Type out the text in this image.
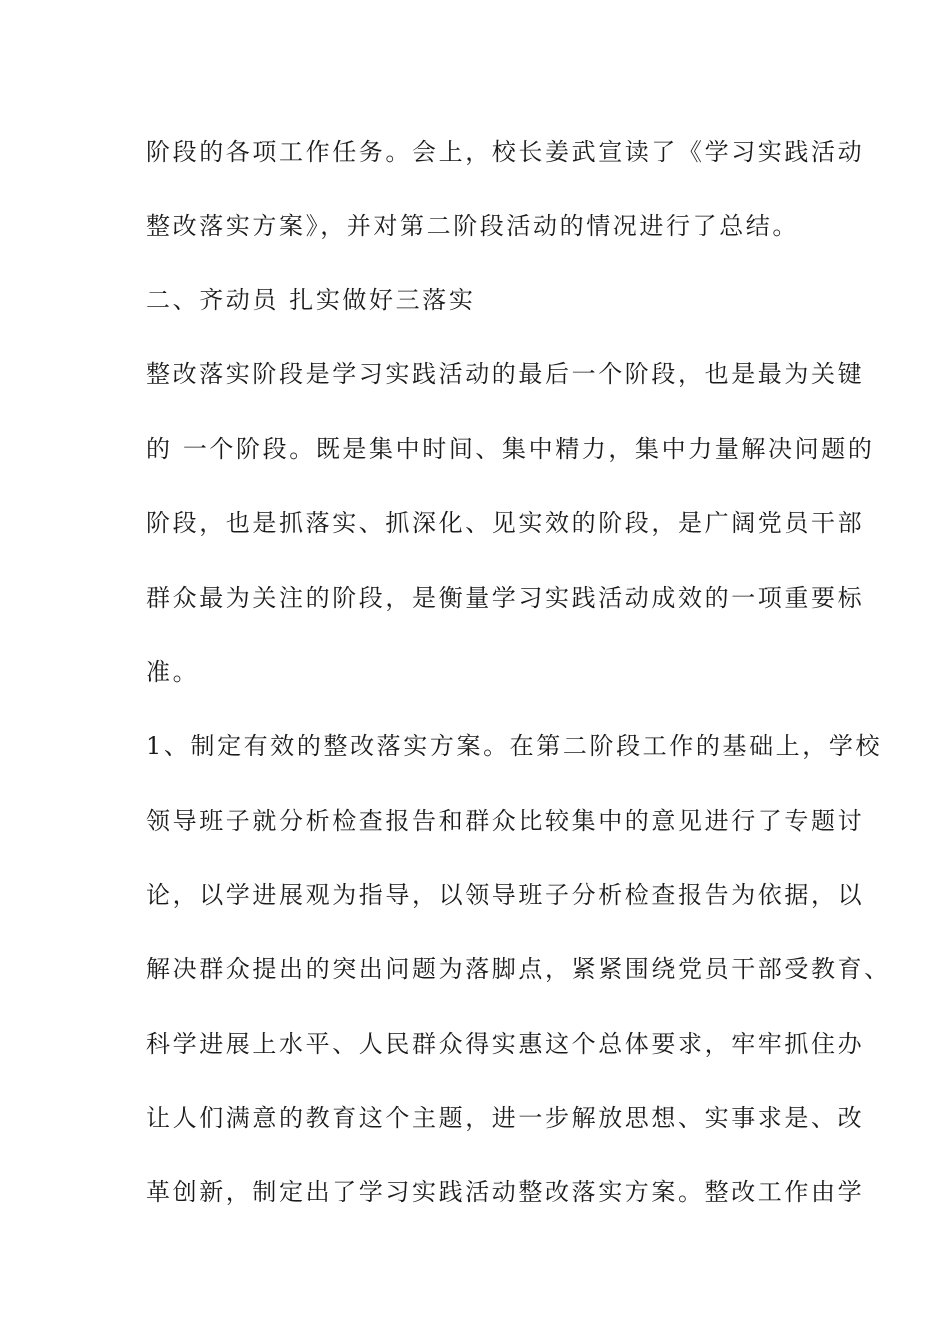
阶段的各项工作任务。会上，校长姜武宣读了《学习实践活动

整改落实方案》，并对第二阶段活动的情况进行了总结。

二、齐动员 扎实做好三落实

整改落实阶段是学习实践活动的最后一个阶段，也是最为关键

的 一个阶段。既是集中时间、集中精力，集中力量解决问题的

阶段，也是抓落实、抓深化、见实效的阶段，是广阔党员干部

群众最为关注的阶段，是衡量学习实践活动成效的一项重要标

准。

1、制定有效的整改落实方案。在第二阶段工作的基础上，学校

领导班子就分析检查报告和群众比较集中的意见进行了专题讨

论，以学进展观为指导，以领导班子分析检查报告为依据，以

解决群众提出的突出问题为落脚点，紧紧围绕党员干部受教育、

科学进展上水平、人民群众得实惠这个总体要求，牢牢抓住办

让人们满意的教育这个主题，进一步解放思想、实事求是、改

革创新，制定出了学习实践活动整改落实方案。整改工作由学
